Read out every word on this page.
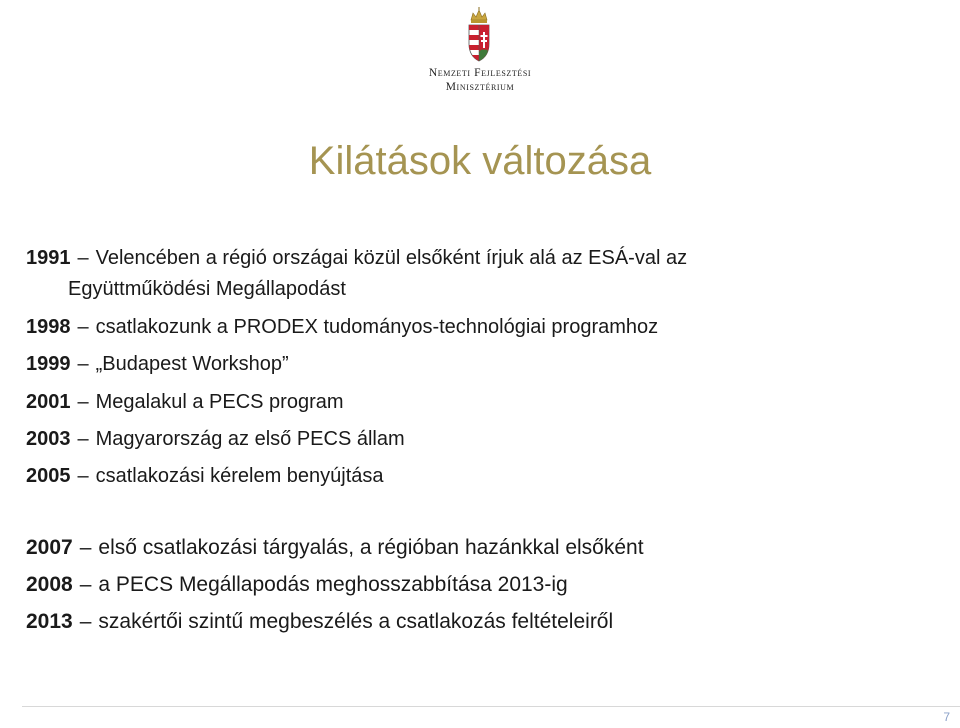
Nemzeti Fejlesztési
Minisztérium
Kilátások változása
1991 – Velencében a régió országai közül elsőként írjuk alá az ESÁ-val az
Együttműködési Megállapodást
1998 – csatlakozunk a PRODEX tudományos-technológiai programhoz
1999 – „Budapest Workshop”
2001 – Megalakul a PECS program
2003 – Magyarország az első PECS állam
2005 – csatlakozási kérelem benyújtása
2007 – első csatlakozási tárgyalás, a régióban hazánkkal elsőként
2008 – a PECS Megállapodás meghosszabbítása 2013-ig
2013 – szakértői szintű megbeszélés a csatlakozás feltételeiről
7
